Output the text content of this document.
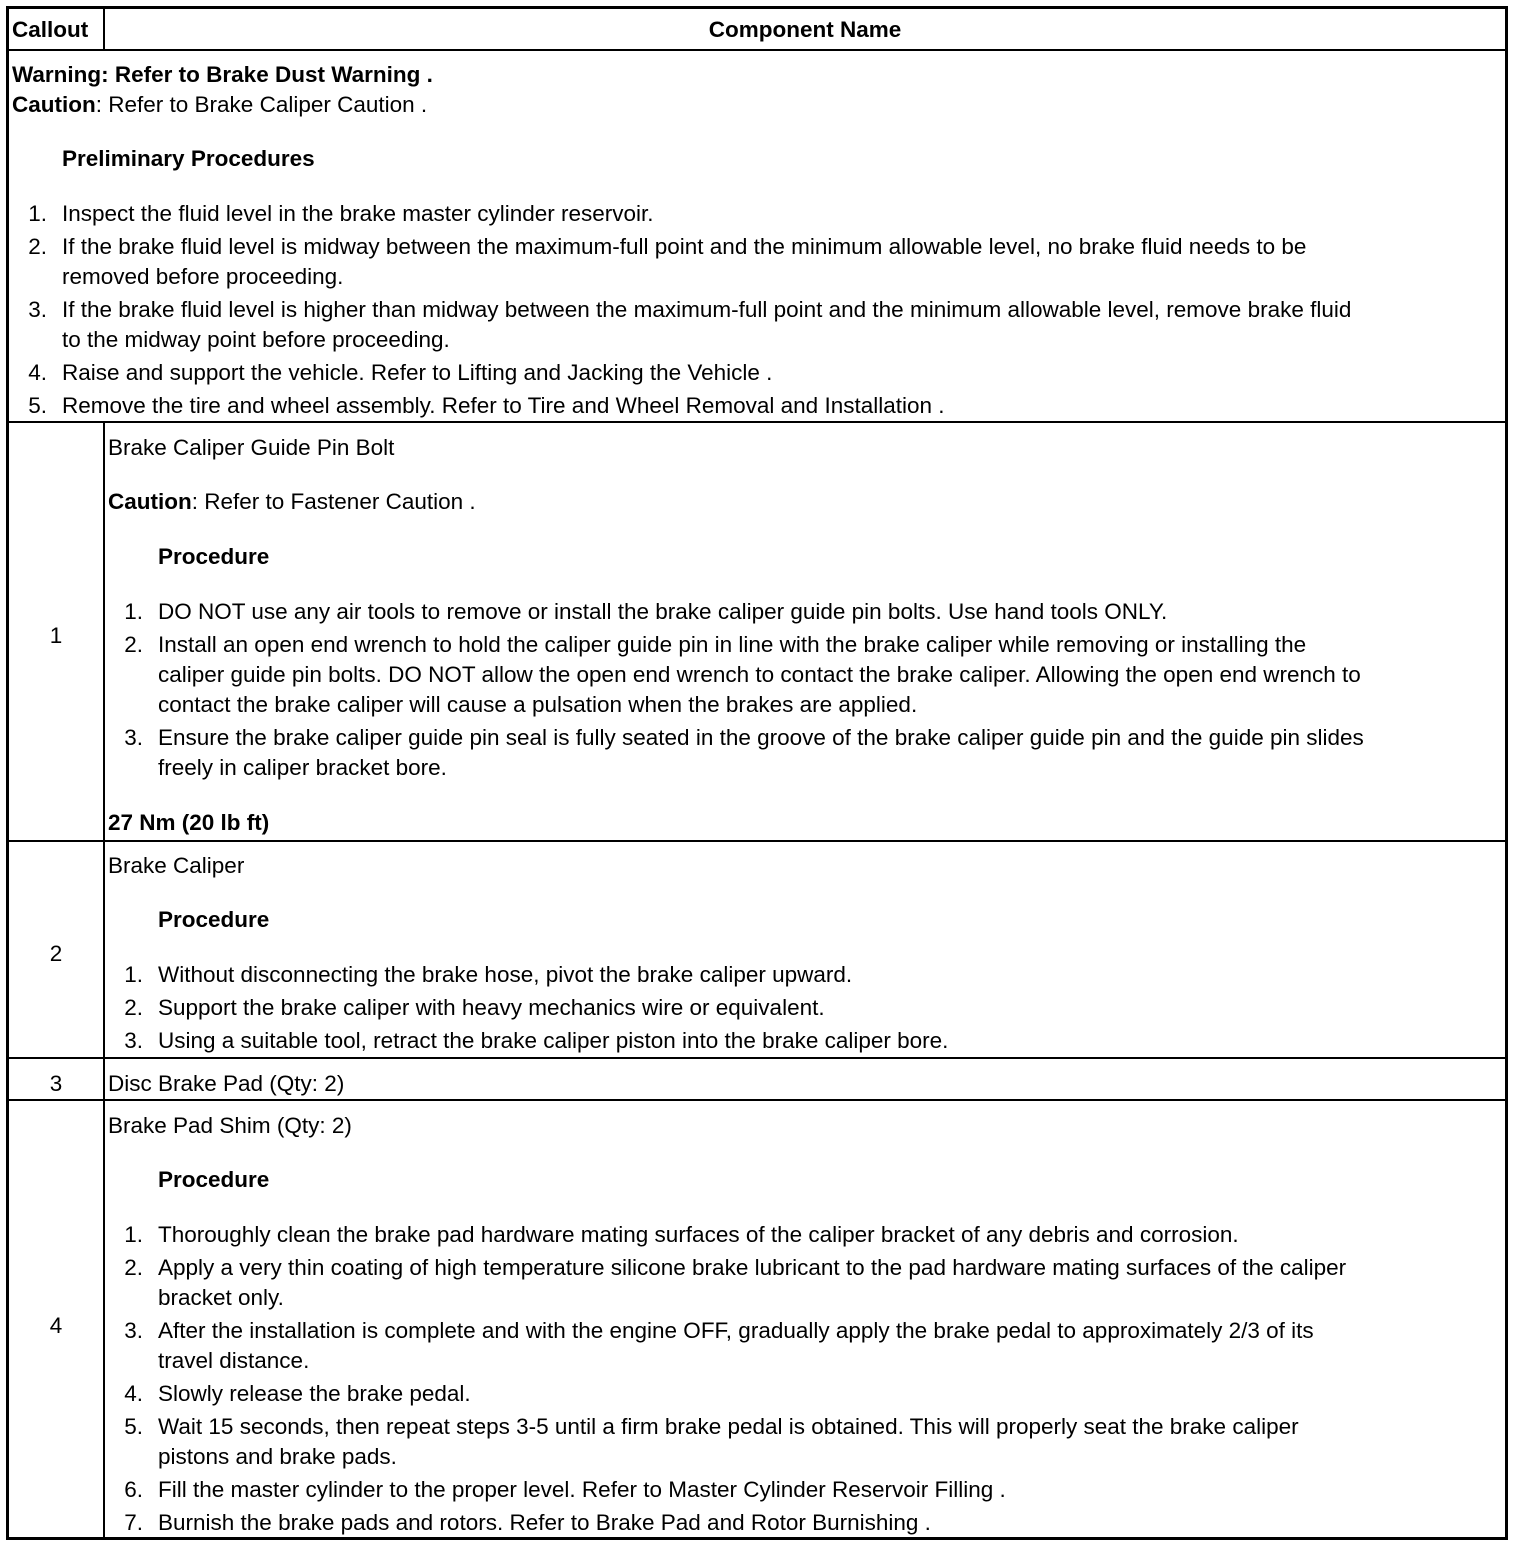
Callout	Component Name
Warning: Refer to Brake Dust Warning .
Caution: Refer to Brake Caliper Caution .
Preliminary Procedures
1. Inspect the fluid level in the brake master cylinder reservoir.
2. If the brake fluid level is midway between the maximum-full point and the minimum allowable level, no brake fluid needs to be
removed before proceeding.
3. If the brake fluid level is higher than midway between the maximum-full point and the minimum allowable level, remove brake fluid
to the midway point before proceeding.
4. Raise and support the vehicle. Refer to Lifting and Jacking the Vehicle .
5. Remove the tire and wheel assembly. Refer to Tire and Wheel Removal and Installation .
1
Brake Caliper Guide Pin Bolt
Caution: Refer to Fastener Caution .
Procedure
1. DO NOT use any air tools to remove or install the brake caliper guide pin bolts. Use hand tools ONLY.
2. Install an open end wrench to hold the caliper guide pin in line with the brake caliper while removing or installing the
caliper guide pin bolts. DO NOT allow the open end wrench to contact the brake caliper. Allowing the open end wrench to
contact the brake caliper will cause a pulsation when the brakes are applied.
3. Ensure the brake caliper guide pin seal is fully seated in the groove of the brake caliper guide pin and the guide pin slides
freely in caliper bracket bore.
27 Nm (20 lb ft)
2
Brake Caliper
Procedure
1. Without disconnecting the brake hose, pivot the brake caliper upward.
2. Support the brake caliper with heavy mechanics wire or equivalent.
3. Using a suitable tool, retract the brake caliper piston into the brake caliper bore.
3	Disc Brake Pad (Qty: 2)
4
Brake Pad Shim (Qty: 2)
Procedure
1. Thoroughly clean the brake pad hardware mating surfaces of the caliper bracket of any debris and corrosion.
2. Apply a very thin coating of high temperature silicone brake lubricant to the pad hardware mating surfaces of the caliper
bracket only.
3. After the installation is complete and with the engine OFF, gradually apply the brake pedal to approximately 2/3 of its
travel distance.
4. Slowly release the brake pedal.
5. Wait 15 seconds, then repeat steps 3-5 until a firm brake pedal is obtained. This will properly seat the brake caliper
pistons and brake pads.
6. Fill the master cylinder to the proper level. Refer to Master Cylinder Reservoir Filling .
7. Burnish the brake pads and rotors. Refer to Brake Pad and Rotor Burnishing .
